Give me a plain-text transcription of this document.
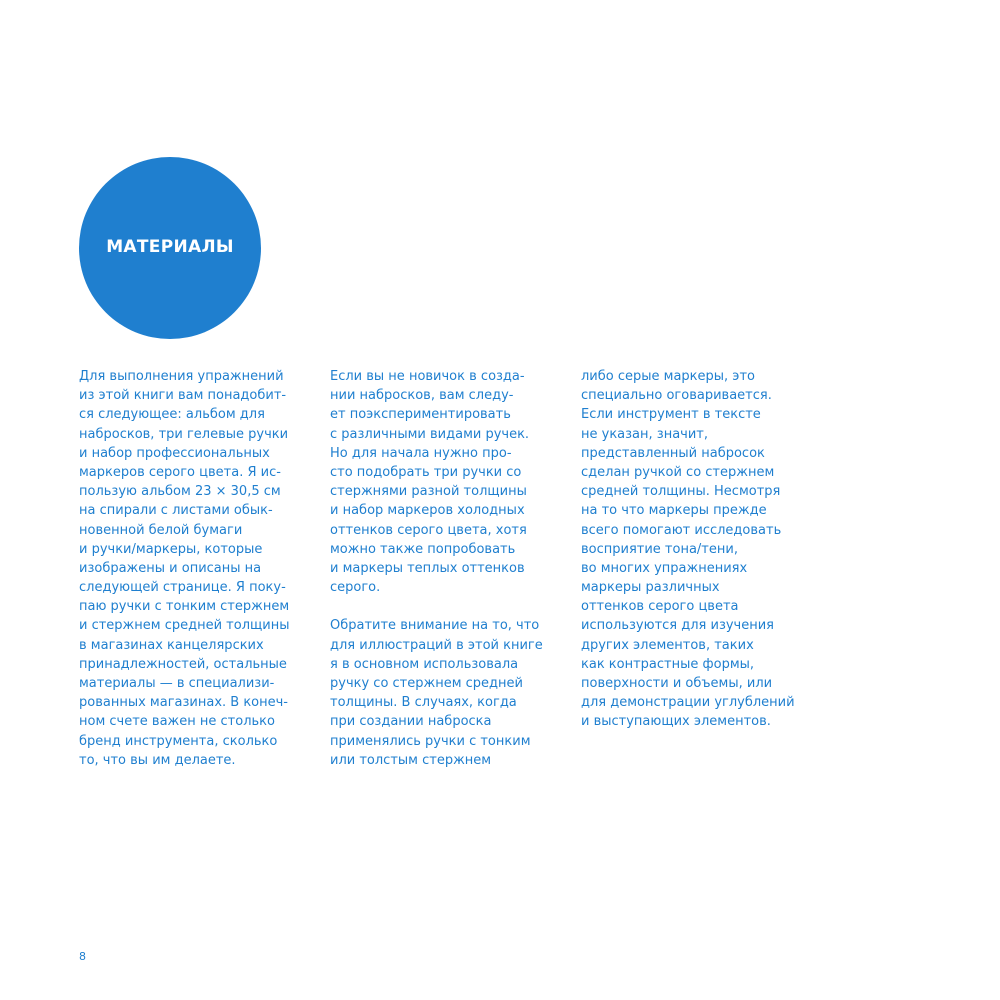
МАТЕРИАЛЫ
Для выполнения упражнений
из этой книги вам понадобит-
ся следующее: альбом для
набросков, три гелевые ручки
и набор профессиональных
маркеров серого цвета. Я ис-
пользую альбом 23 × 30,5 см
на спирали с листами обык-
новенной белой бумаги
и ручки/маркеры, которые
изображены и описаны на
следующей странице. Я поку-
паю ручки с тонким стержнем
и стержнем средней толщины
в магазинах канцелярских
принадлежностей, остальные
материалы — в специализи-
рованных магазинах. В конеч-
ном счете важен не столько
бренд инструмента, сколько
то, что вы им делаете.
Если вы не новичок в созда-
нии набросков, вам следу-
ет поэкспериментировать
с различными видами ручек.
Но для начала нужно про-
сто подобрать три ручки со
стержнями разной толщины
и набор маркеров холодных
оттенков серого цвета, хотя
можно также попробовать
и маркеры теплых оттенков
серого.
Обратите внимание на то, что
для иллюстраций в этой книге
я в основном использовала
ручку со стержнем средней
толщины. В случаях, когда
при создании наброска
применялись ручки с тонким
или толстым стержнем
либо серые маркеры, это
специально оговаривается.
Если инструмент в тексте
не указан, значит,
представленный набросок
сделан ручкой со стержнем
средней толщины. Несмотря
на то что маркеры прежде
всего помогают исследовать
восприятие тона/тени,
во многих упражнениях
маркеры различных
оттенков серого цвета
используются для изучения
других элементов, таких
как контрастные формы,
поверхности и объемы, или
для демонстрации углублений
и выступающих элементов.
8
